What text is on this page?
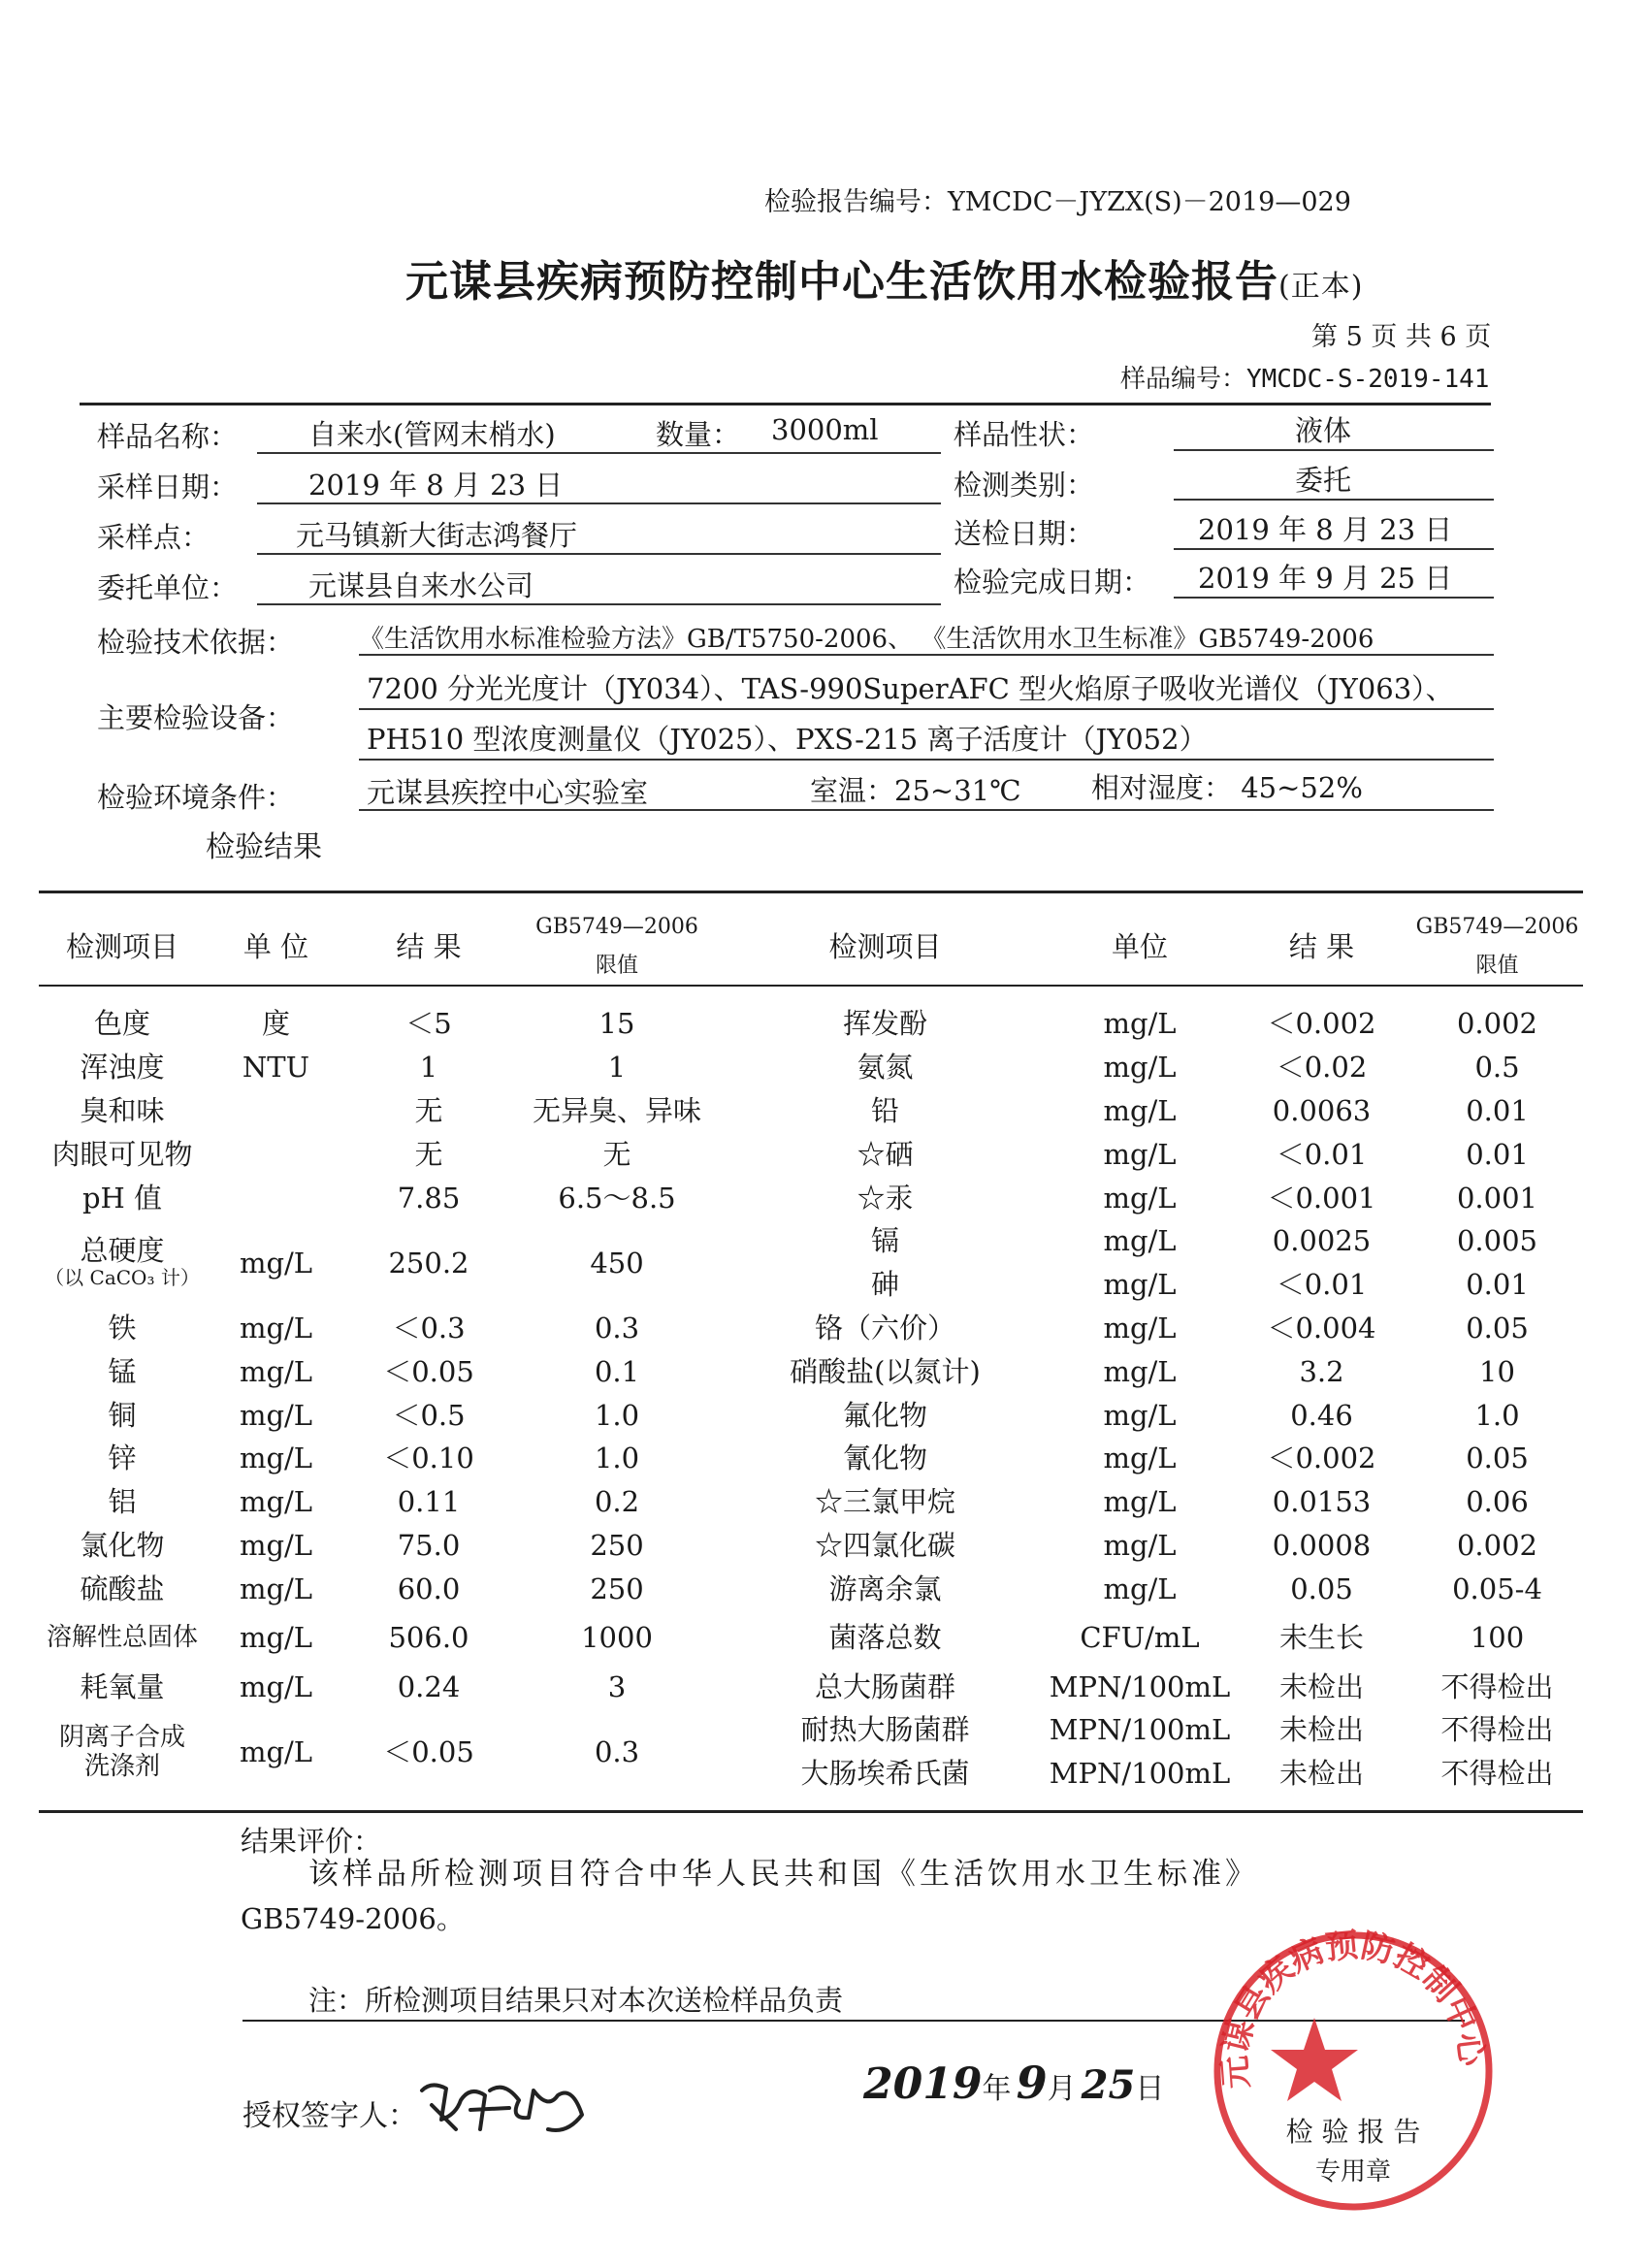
检验报告编号：YMCDC－JYZX(S)－2019—029
元谋县疾病预防控制中心生活饮用水检验报告(正本)
第 5 页 共 6 页
样品编号：YMCDC-S-2019-141
样品名称：	自来水(管网末梢水)	数量： 3000ml	样品性状：	液体
采样日期：	2019 年 8 月 23 日	检测类别：	委托
采样点：	元马镇新大街志鸿餐厅	送检日期：	2019 年 8 月 23 日
委托单位：	元谋县自来水公司	检验完成日期： 2019 年 9 月 25 日
检验技术依据：	《生活饮用水标准检验方法》GB/T5750-2006、 《生活饮用水卫生标准》GB5749-2006
主要检验设备：
7200 分光光度计（JY034）、TAS-990SuperAFC 型火焰原子吸收光谱仪（JY063）、
PH510 型浓度测量仪（JY025）、PXS-215 离子活度计（JY052）
检验环境条件：	元谋县疾控中心实验室	室温：25~31℃ 相对湿度： 45~52%
检验结果
检测项目	单 位	结 果	GB5749—2006
限值	检测项目	单位	结 果	GB5749—2006
限值

色度	度	＜5	15	挥发酚	mg/L	＜0.002	0.002
浑浊度	NTU	1	1	氨氮	mg/L	＜0.02	0.5
臭和味		无	无异臭、异味	铅	mg/L	0.0063	0.01
肉眼可见物		无	无	☆硒	mg/L	＜0.01	0.01
pH 值		7.85	6.5～8.5	☆汞	mg/L	＜0.001	0.001

总硬度
（以 CaCO₃ 计）	mg/L	250.2	450	镉	mg/L	0.0025	0.005
				砷	mg/L	＜0.01	0.01
铁	mg/L	＜0.3	0.3	铬（六价）	mg/L	＜0.004	0.05
锰	mg/L	＜0.05	0.1	硝酸盐(以氮计)	mg/L	3.2	10
铜	mg/L	＜0.5	1.0	氟化物	mg/L	0.46	1.0
锌	mg/L	＜0.10	1.0	氰化物	mg/L	＜0.002	0.05
铝	mg/L	0.11	0.2	☆三氯甲烷	mg/L	0.0153	0.06
氯化物	mg/L	75.0	250	☆四氯化碳	mg/L	0.0008	0.002
硫酸盐	mg/L	60.0	250	游离余氯	mg/L	0.05	0.05-4
溶解性总固体	mg/L	506.0	1000	菌落总数	CFU/mL	未生长	100
耗氧量	mg/L	0.24	3	总大肠菌群	MPN/100mL	未检出	不得检出

阴离子合成
洗涤剂	mg/L	＜0.05	0.3	耐热大肠菌群	MPN/100mL	未检出	不得检出
				大肠埃希氏菌	MPN/100mL	未检出	不得检出
结果评价：
该样品所检测项目符合中华人民共和国《生活饮用水卫生标准》
GB5749-2006。
注：所检测项目结果只对本次送检样品负责
授权签字人：
2019年 9月 25日 元谋县疾病预防控制中心
检 验 报 告
专用章
